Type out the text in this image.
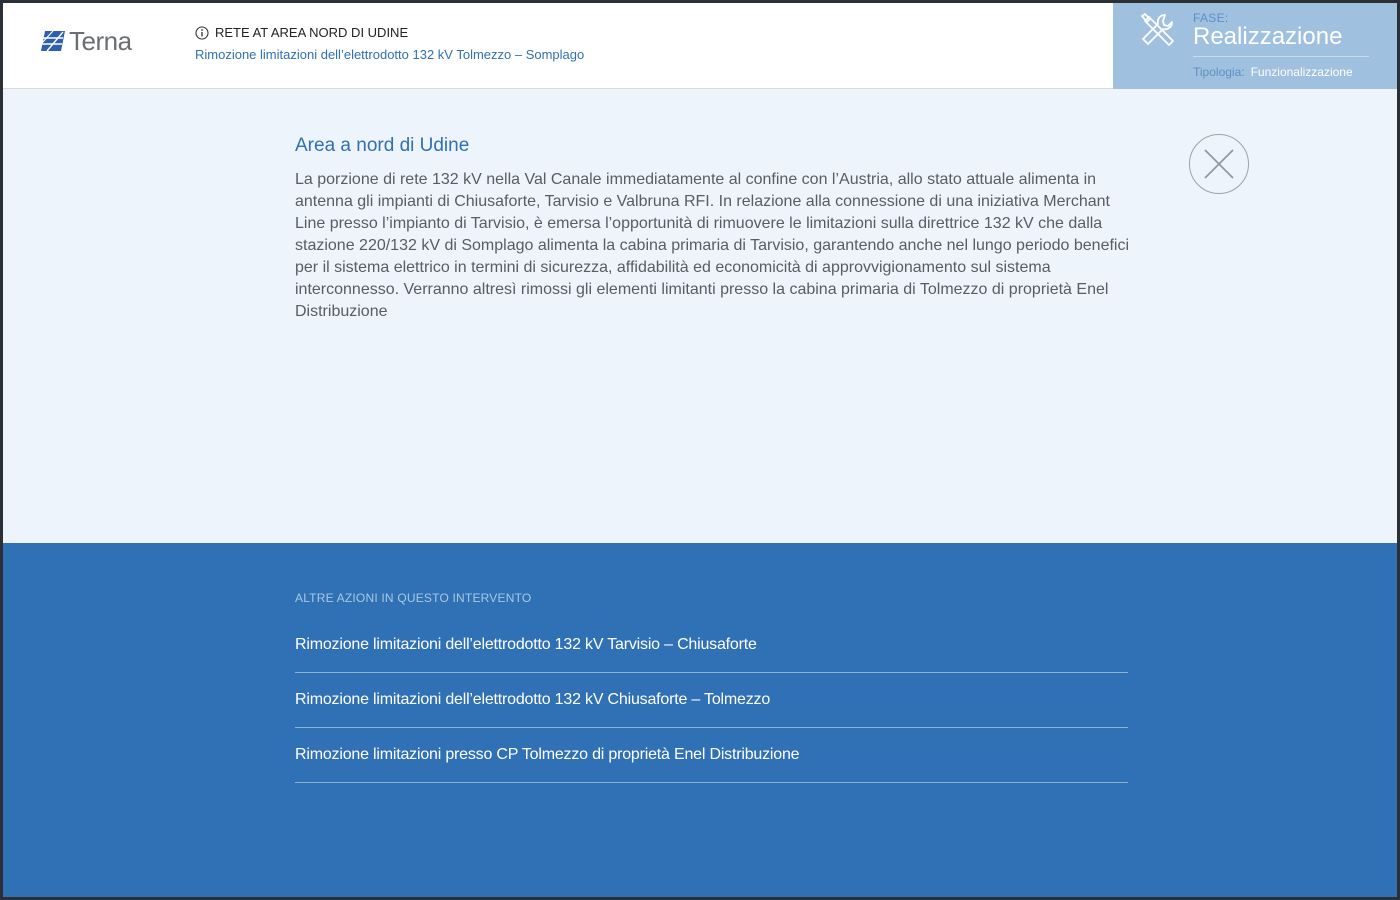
Terna	RETE AT AREA NORD DI UDINE
Rimozione limitazioni dell’elettrodotto 132 kV Tolmezzo – Somplago
FASE:
Realizzazione
Tipologia: Funzionalizzazione
Area a nord di Udine

La porzione di rete 132 kV nella Val Canale immediatamente al confine con l’Austria, allo stato attuale alimenta in antenna gli impianti di Chiusaforte, Tarvisio e Valbruna RFI. In relazione alla connessione di una iniziativa Merchant Line presso l’impianto di Tarvisio, è emersa l’opportunità di rimuovere le limitazioni sulla direttrice 132 kV che dalla stazione 220/132 kV di Somplago alimenta la cabina primaria di Tarvisio, garantendo anche nel lungo periodo benefici per il sistema elettrico in termini di sicurezza, affidabilità ed economicità di approvvigionamento sul sistema interconnesso. Verranno altresì rimossi gli elementi limitanti presso la cabina primaria di Tolmezzo di proprietà Enel Distribuzione

ALTRE AZIONI IN QUESTO INTERVENTO
Rimozione limitazioni dell’elettrodotto 132 kV Tarvisio – Chiusaforte
Rimozione limitazioni dell’elettrodotto 132 kV Chiusaforte – Tolmezzo
Rimozione limitazioni presso CP Tolmezzo di proprietà Enel Distribuzione
